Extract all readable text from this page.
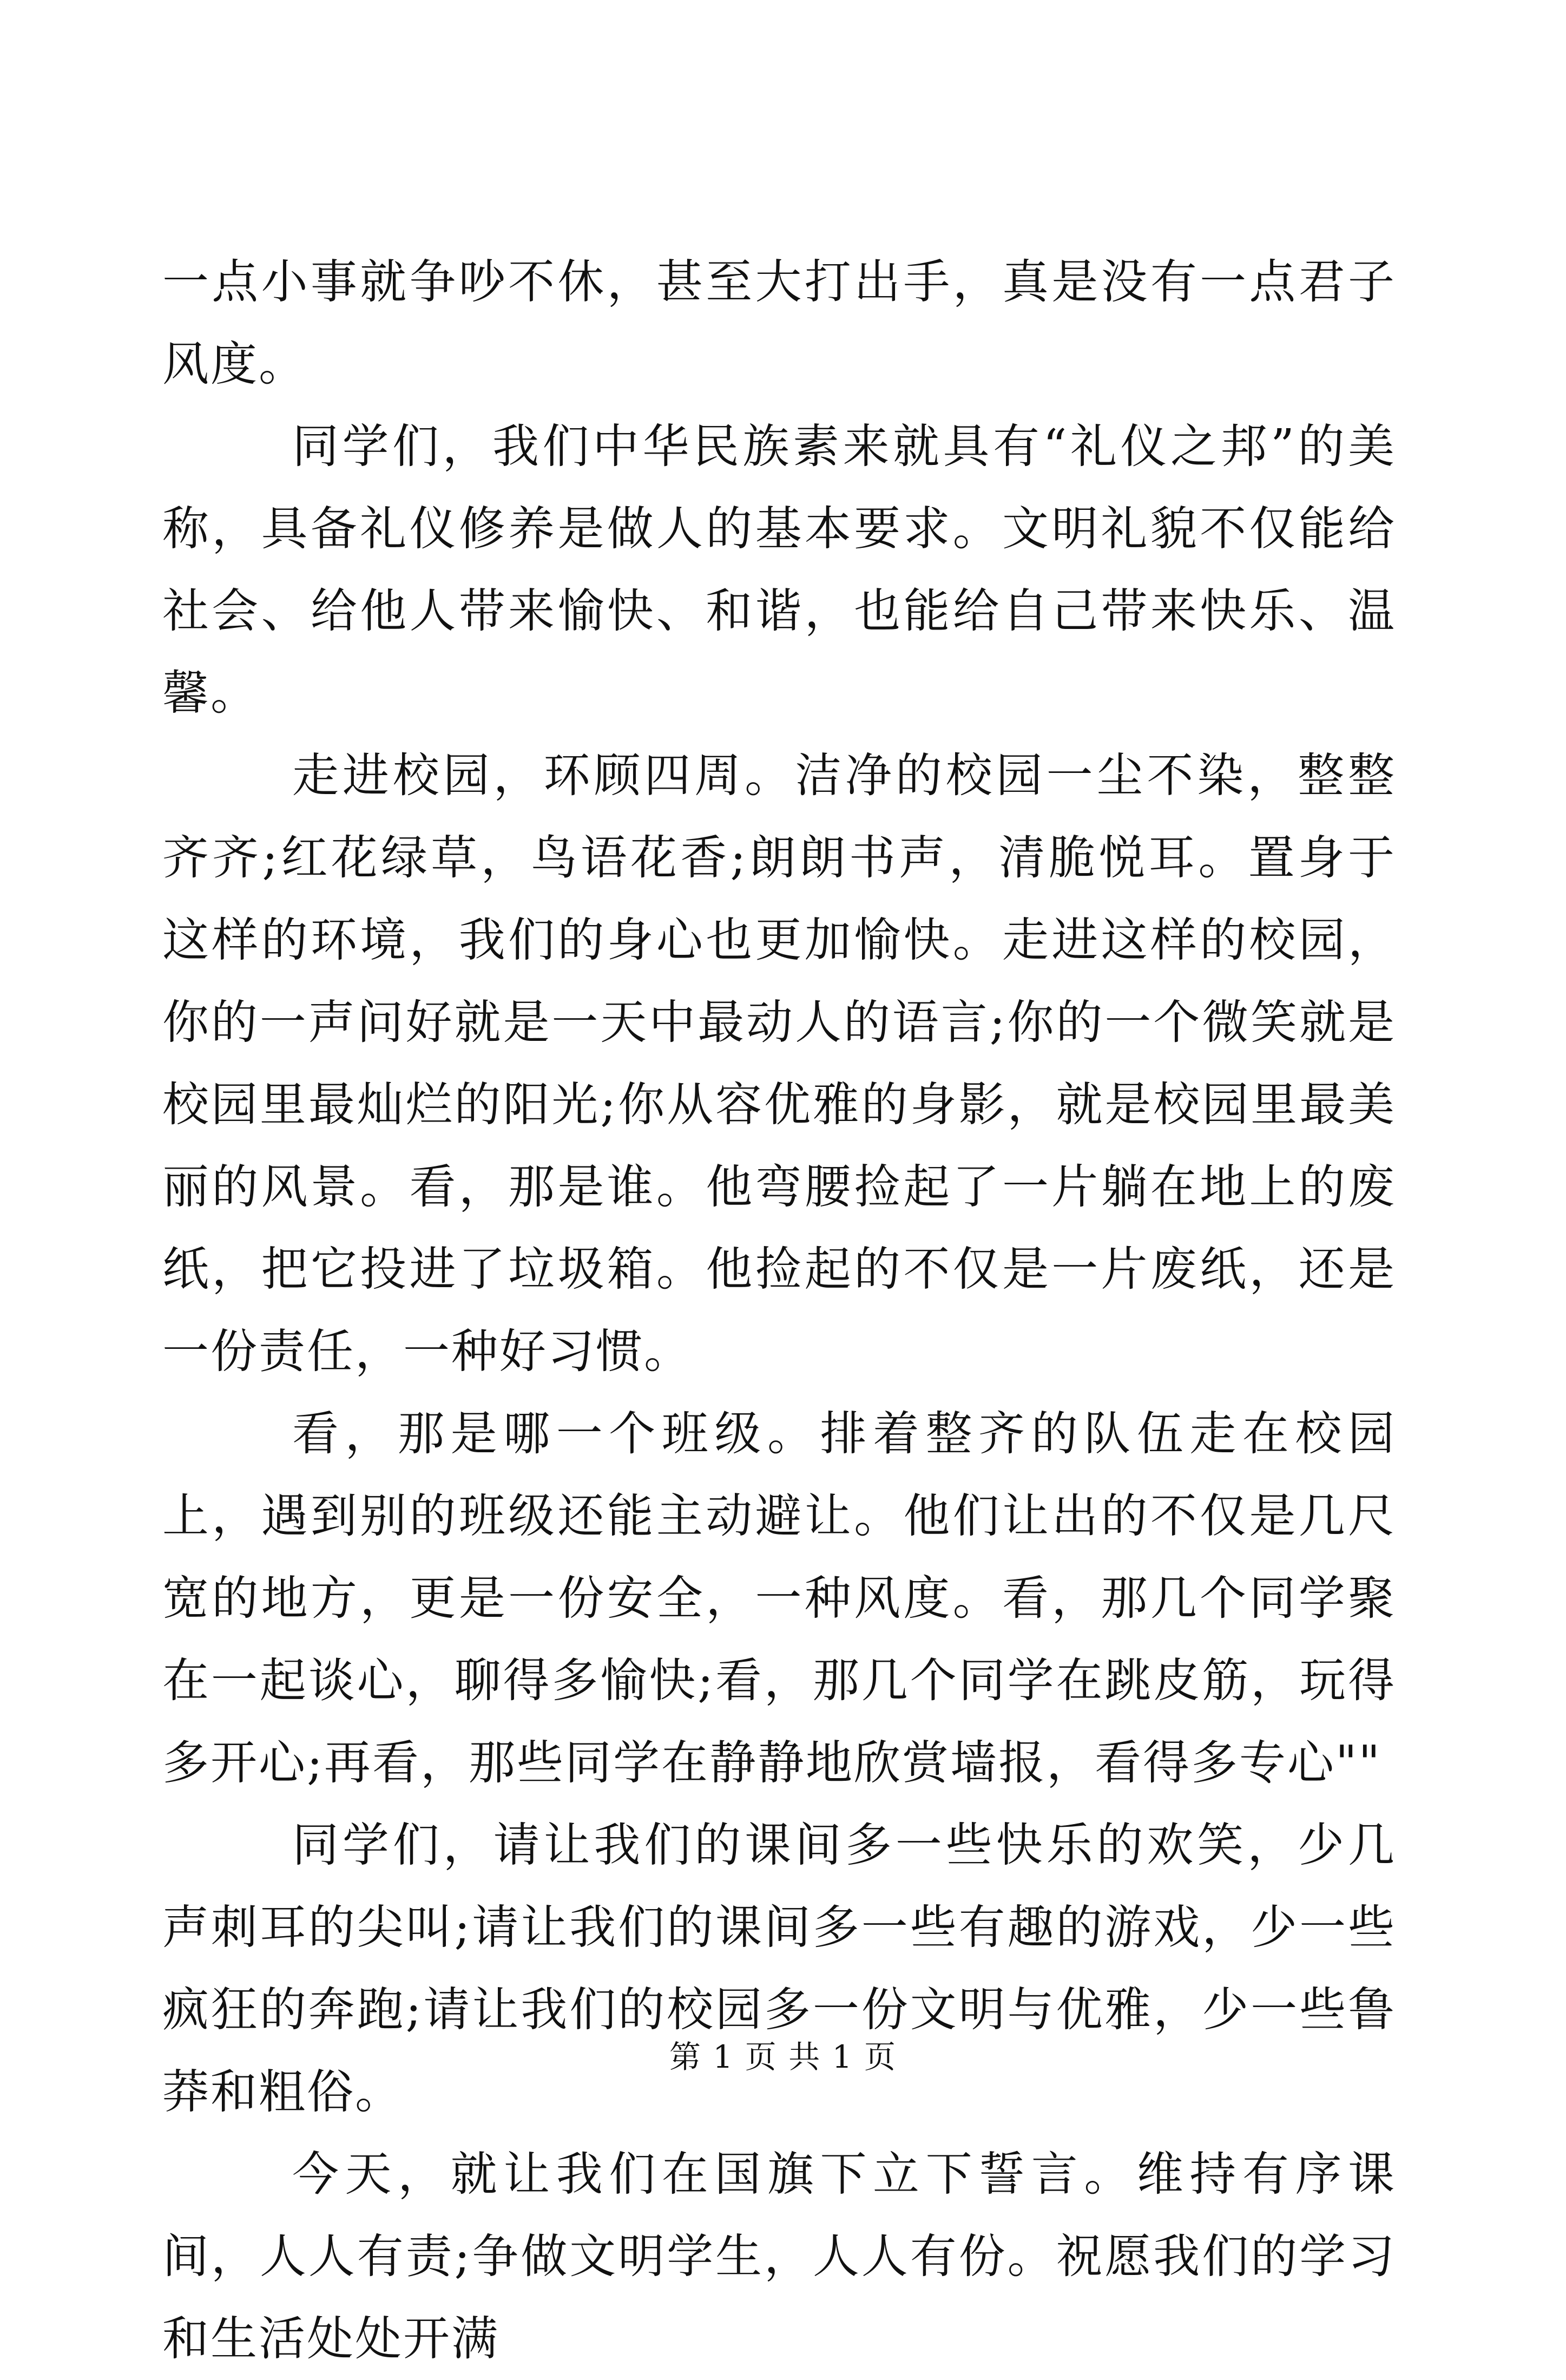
一点小事就争吵不休，甚至大打出手，真是没有一点君子风度。

同学们，我们中华民族素来就具有“礼仪之邦”的美称，具备礼仪修养是做人的基本要求。文明礼貌不仅能给社会、给他人带来愉快、和谐，也能给自己带来快乐、温馨。

走进校园，环顾四周。洁净的校园一尘不染，整整齐齐;红花绿草，鸟语花香;朗朗书声，清脆悦耳。置身于这样的环境，我们的身心也更加愉快。走进这样的校园，你的一声问好就是一天中最动人的语言;你的一个微笑就是校园里最灿烂的阳光;你从容优雅的身影，就是校园里最美丽的风景。看，那是谁。他弯腰捡起了一片躺在地上的废纸，把它投进了垃圾箱。他捡起的不仅是一片废纸，还是一份责任，一种好习惯。

看，那是哪一个班级。排着整齐的队伍走在校园上，遇到别的班级还能主动避让。他们让出的不仅是几尺宽的地方，更是一份安全，一种风度。看，那几个同学聚在一起谈心，聊得多愉快;看，那几个同学在跳皮筋，玩得多开心;再看，那些同学在静静地欣赏墙报，看得多专心""

同学们，请让我们的课间多一些快乐的欢笑，少几声刺耳的尖叫;请让我们的课间多一些有趣的游戏，少一些疯狂的奔跑;请让我们的校园多一份文明与优雅，少一些鲁莽和粗俗。

今天，就让我们在国旗下立下誓言。维持有序课间，人人有责;争做文明学生，人人有份。祝愿我们的学习和生活处处开满

第 1 页 共 1 页
